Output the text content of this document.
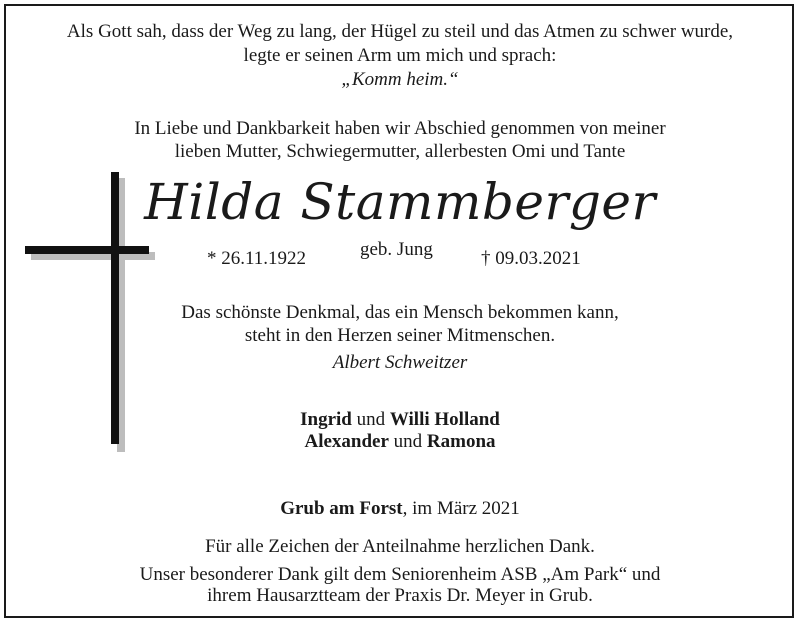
Als Gott sah, dass der Weg zu lang, der Hügel zu steil und das Atmen zu schwer wurde,
legte er seinen Arm um mich und sprach:
„Komm heim.“
In Liebe und Dankbarkeit haben wir Abschied genommen von meiner
lieben Mutter, Schwiegermutter, allerbesten Omi und Tante
Hilda Stammberger
* 26.11.1922	geb. Jung	† 09.03.2021
Das schönste Denkmal, das ein Mensch bekommen kann,
steht in den Herzen seiner Mitmenschen.
Albert Schweitzer
Ingrid und Willi Holland
Alexander und Ramona
Grub am Forst, im März 2021
Für alle Zeichen der Anteilnahme herzlichen Dank.
Unser besonderer Dank gilt dem Seniorenheim ASB „Am Park“ und
ihrem Hausarztteam der Praxis Dr. Meyer in Grub.
